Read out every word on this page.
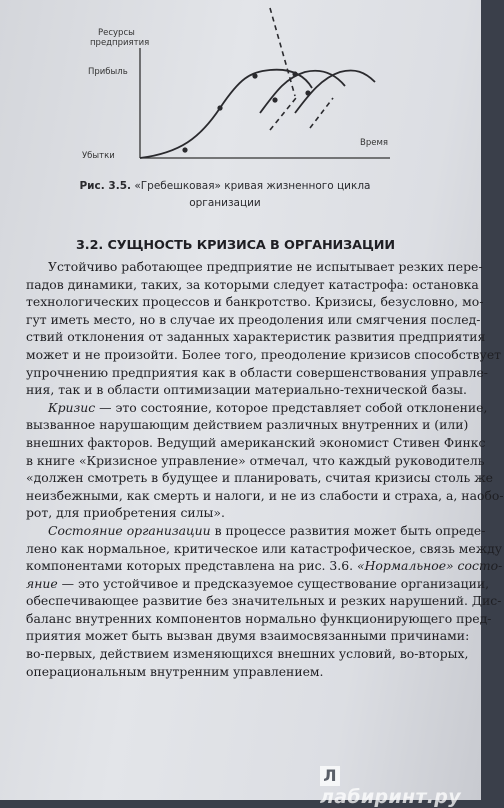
Ресурсы
предприятия
Прибыль
Убытки
Время
Рис. 3.5. «Гребешковая» кривая жизненного цикла
организации
3.2. СУЩНОСТЬ КРИЗИСА В ОРГАНИЗАЦИИ
Устойчиво работающее предприятие не испытывает резких пере-
падов динамики, таких, за которыми следует катастрофа: остановка
технологических процессов и банкротство. Кризисы, безусловно, мо-
гут иметь место, но в случае их преодоления или смягчения послед-
ствий отклонения от заданных характеристик развития предприятия
может и не произойти. Более того, преодоление кризисов способствует
упрочнению предприятия как в области совершенствования управле-
ния, так и в области оптимизации материально-технической базы.
Кризис — это состояние, которое представляет собой отклонение,
вызванное нарушающим действием различных внутренних и (или)
внешних факторов. Ведущий американский экономист Стивен Финкс
в книге «Кризисное управление» отмечал, что каждый руководитель
«должен смотреть в будущее и планировать, считая кризисы столь же
неизбежными, как смерть и налоги, и не из слабости и страха, а, наобо-
рот, для приобретения силы».
Состояние организации в процессе развития может быть опреде-
лено как нормальное, критическое или катастрофическое, связь между
компонентами которых представлена на рис. 3.6. «Нормальное» состо-
яние — это устойчивое и предсказуемое существование организации,
обеспечивающее развитие без значительных и резких нарушений. Дис-
баланс внутренних компонентов нормально функционирующего пред-
приятия может быть вызван двумя взаимосвязанными причинами:
во-первых, действием изменяющихся внешних условий, во-вторых,
операциональным внутренним управлением.
Ллабиринт.ру
